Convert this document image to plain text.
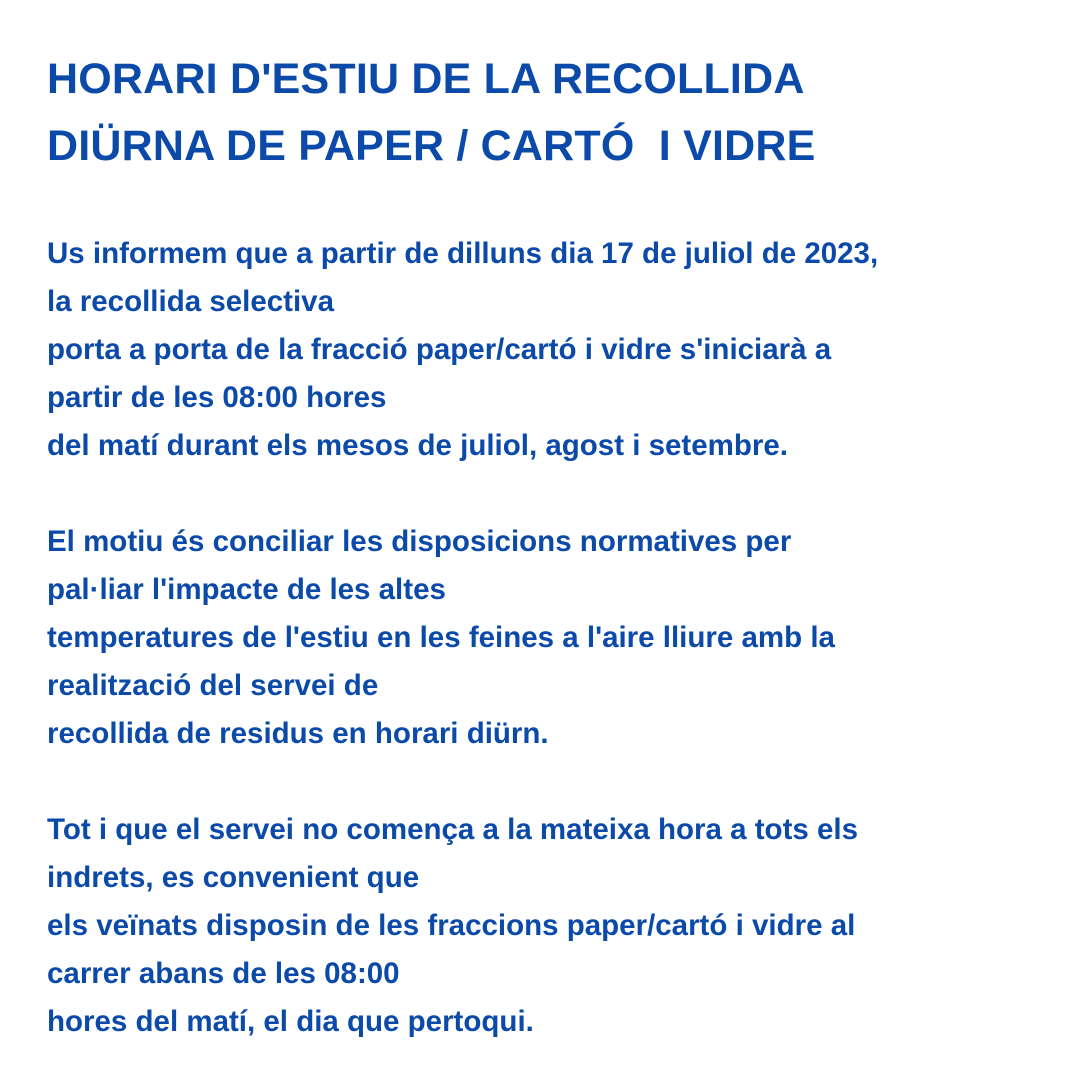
HORARI D'ESTIU DE LA RECOLLIDA
DIÜRNA DE PAPER / CARTÓ  I VIDRE

Us informem que a partir de dilluns dia 17 de juliol de 2023,
la recollida selectiva
porta a porta de la fracció paper/cartó i vidre s'iniciarà a
partir de les 08:00 hores
del matí durant els mesos de juliol, agost i setembre.

El motiu és conciliar les disposicions normatives per
pal·liar l'impacte de les altes
temperatures de l'estiu en les feines a l'aire lliure amb la
realització del servei de
recollida de residus en horari diürn.

Tot i que el servei no comença a la mateixa hora a tots els
indrets, es convenient que
els veïnats disposin de les fraccions paper/cartó i vidre al
carrer abans de les 08:00
hores del matí, el dia que pertoqui.
